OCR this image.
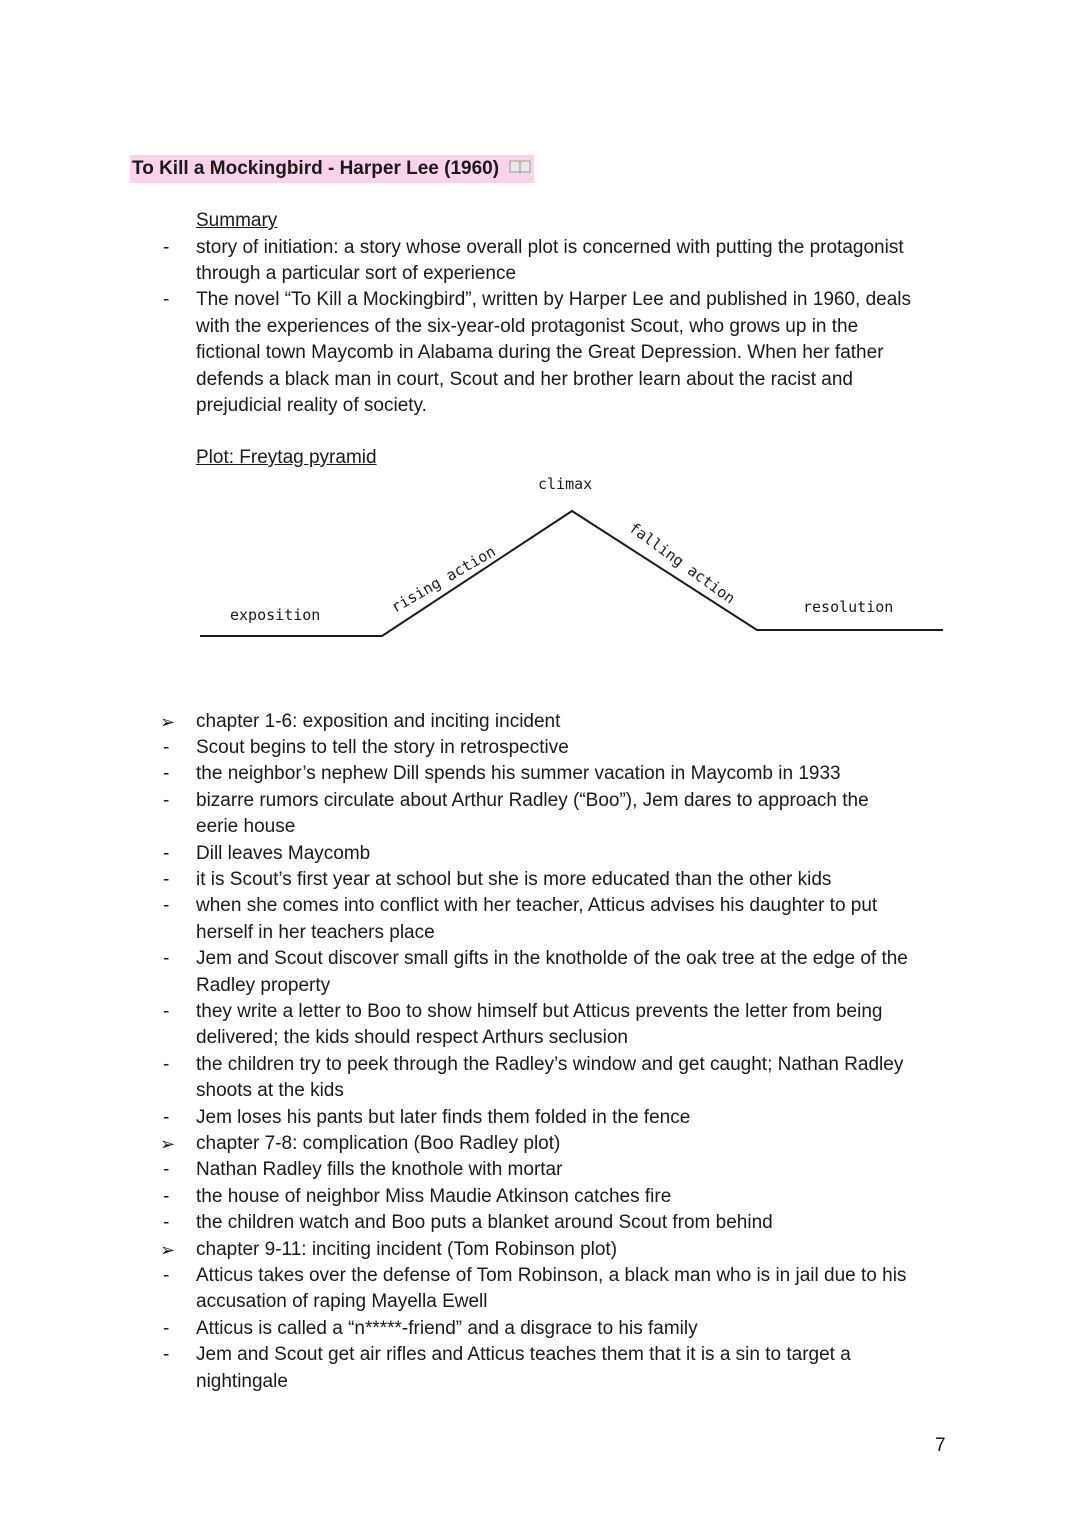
To Kill a Mockingbird - Harper Lee (1960)
Summary
-	story of initiation: a story whose overall plot is concerned with putting the protagonist
through a particular sort of experience
-	The novel “To Kill a Mockingbird”, written by Harper Lee and published in 1960, deals
with the experiences of the six-year-old protagonist Scout, who grows up in the
fictional town Maycomb in Alabama during the Great Depression. When her father
defends a black man in court, Scout and her brother learn about the racist and
prejudicial reality of society.
Plot: Freytag pyramid
climax
exposition	rising action	falling action	resolution
➢ chapter 1-6: exposition and inciting incident
-	Scout begins to tell the story in retrospective
-	the neighbor’s nephew Dill spends his summer vacation in Maycomb in 1933
-	bizarre rumors circulate about Arthur Radley (“Boo”), Jem dares to approach the
eerie house
-	Dill leaves Maycomb
-	it is Scout’s first year at school but she is more educated than the other kids
-	when she comes into conflict with her teacher, Atticus advises his daughter to put
herself in her teachers place
-	Jem and Scout discover small gifts in the knotholde of the oak tree at the edge of the
Radley property
-	they write a letter to Boo to show himself but Atticus prevents the letter from being
delivered; the kids should respect Arthurs seclusion
-	the children try to peek through the Radley’s window and get caught; Nathan Radley
shoots at the kids
-	Jem loses his pants but later finds them folded in the fence
➢ chapter 7-8: complication (Boo Radley plot)
-	Nathan Radley fills the knothole with mortar
-	the house of neighbor Miss Maudie Atkinson catches fire
-	the children watch and Boo puts a blanket around Scout from behind
➢ chapter 9-11: inciting incident (Tom Robinson plot)
-	Atticus takes over the defense of Tom Robinson, a black man who is in jail due to his
accusation of raping Mayella Ewell
-	Atticus is called a “n*****-friend” and a disgrace to his family
-	Jem and Scout get air rifles and Atticus teaches them that it is a sin to target a
nightingale
7
